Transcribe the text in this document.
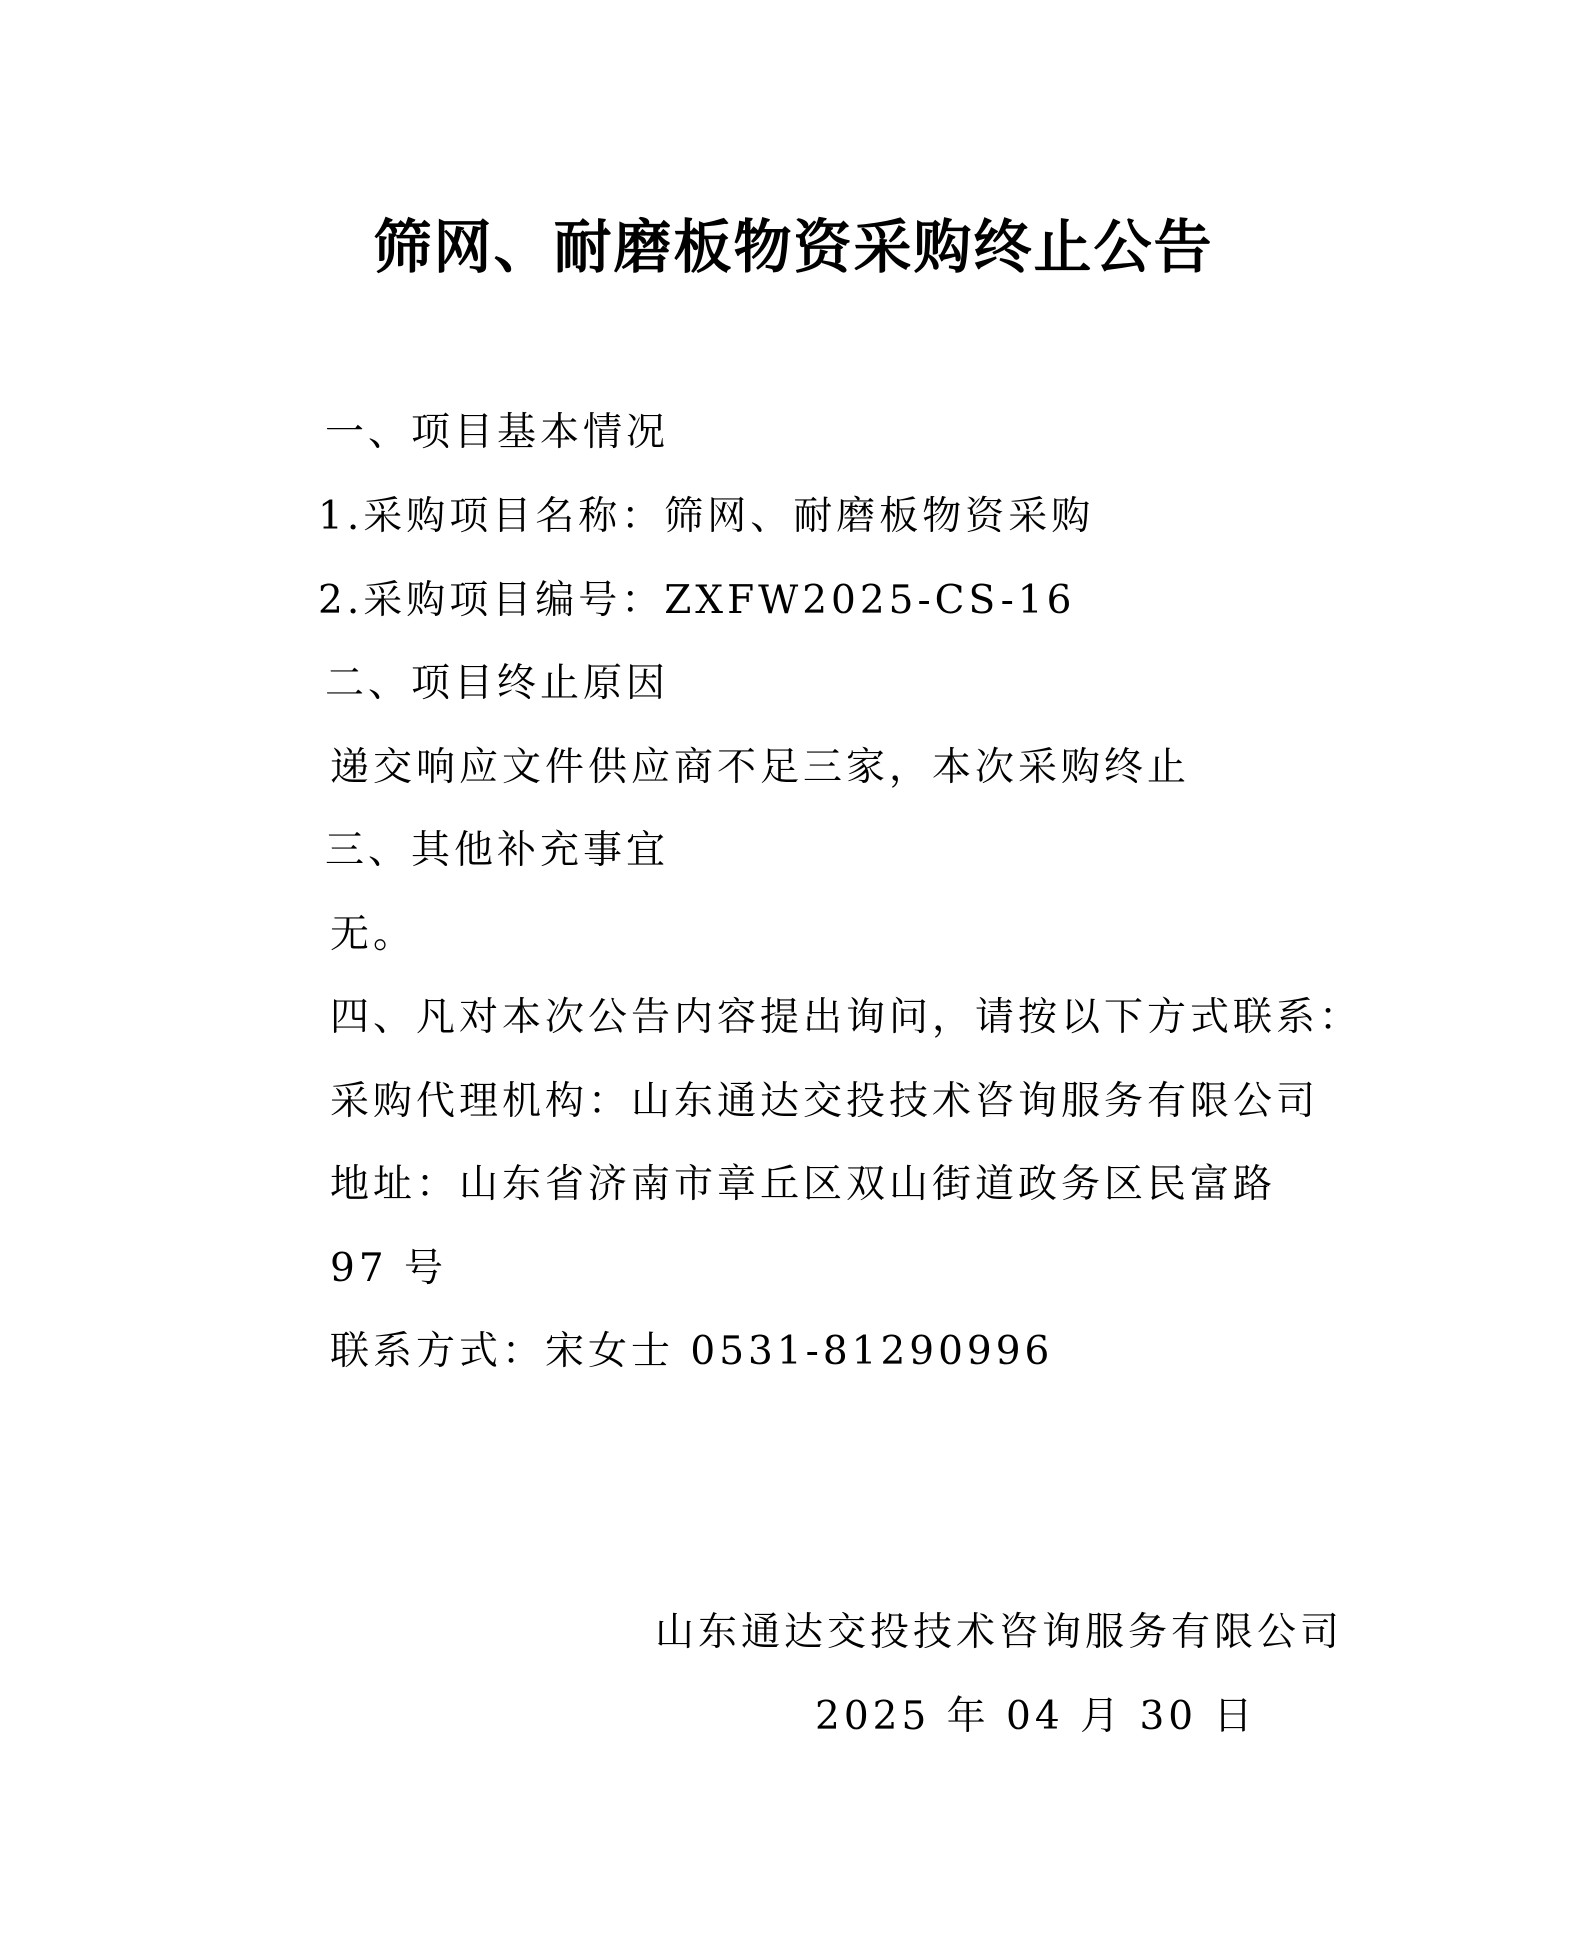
筛网、耐磨板物资采购终止公告
一、项目基本情况
1.采购项目名称：筛网、耐磨板物资采购
2.采购项目编号：ZXFW2025-CS-16
二、项目终止原因
递交响应文件供应商不足三家，本次采购终止
三、其他补充事宜
无。
四、凡对本次公告内容提出询问，请按以下方式联系：
采购代理机构：山东通达交投技术咨询服务有限公司
地址：山东省济南市章丘区双山街道政务区民富路
97 号
联系方式：宋女士 0531-81290996
山东通达交投技术咨询服务有限公司
2025 年 04 月 30 日
